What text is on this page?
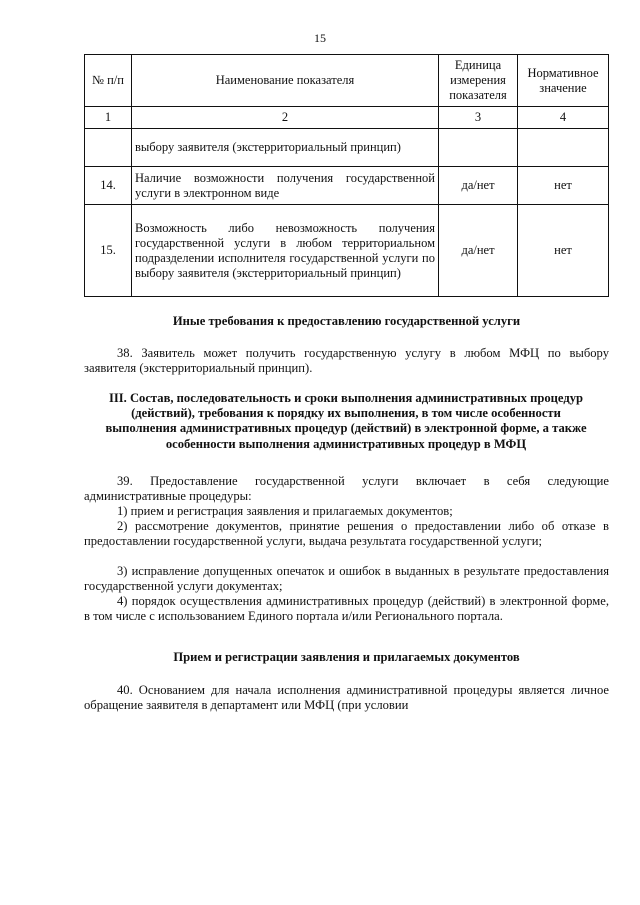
15
№ п/п	Наименование показателя	Единица измерения показателя	Нормативное значение
1	2	3	4
	выбору заявителя (экстерриториальный принцип)		
14.	Наличие возможности получения государственной услуги в электронном виде	да/нет	нет
15.	Возможность либо невозможность получения государственной услуги в любом территориальном подразделении исполнителя государственной услуги по выбору заявителя (экстерриториальный принцип)	да/нет	нет

Иные требования к предоставлению государственной услуги

38. Заявитель может получить государственную услугу в любом МФЦ по выбору заявителя (экстерриториальный принцип).

III. Состав, последовательность и сроки выполнения административных процедур (действий), требования к порядку их выполнения, в том числе особенности выполнения административных процедур (действий) в электронной форме, а также особенности выполнения административных процедур в МФЦ

39. Предоставление государственной услуги включает в себя следующие административные процедуры:

1) прием и регистрация заявления и прилагаемых документов;

2) рассмотрение документов, принятие решения о предоставлении либо об отказе в предоставлении государственной услуги, выдача результата государственной услуги;

3) исправление допущенных опечаток и ошибок в выданных в результате предоставления государственной услуги документах;

4) порядок осуществления административных процедур (действий) в электронной форме, в том числе с использованием Единого портала и/или Регионального портала.

Прием и регистрации заявления и прилагаемых документов

40. Основанием для начала исполнения административной процедуры является личное обращение заявителя в департамент или МФЦ (при условии
